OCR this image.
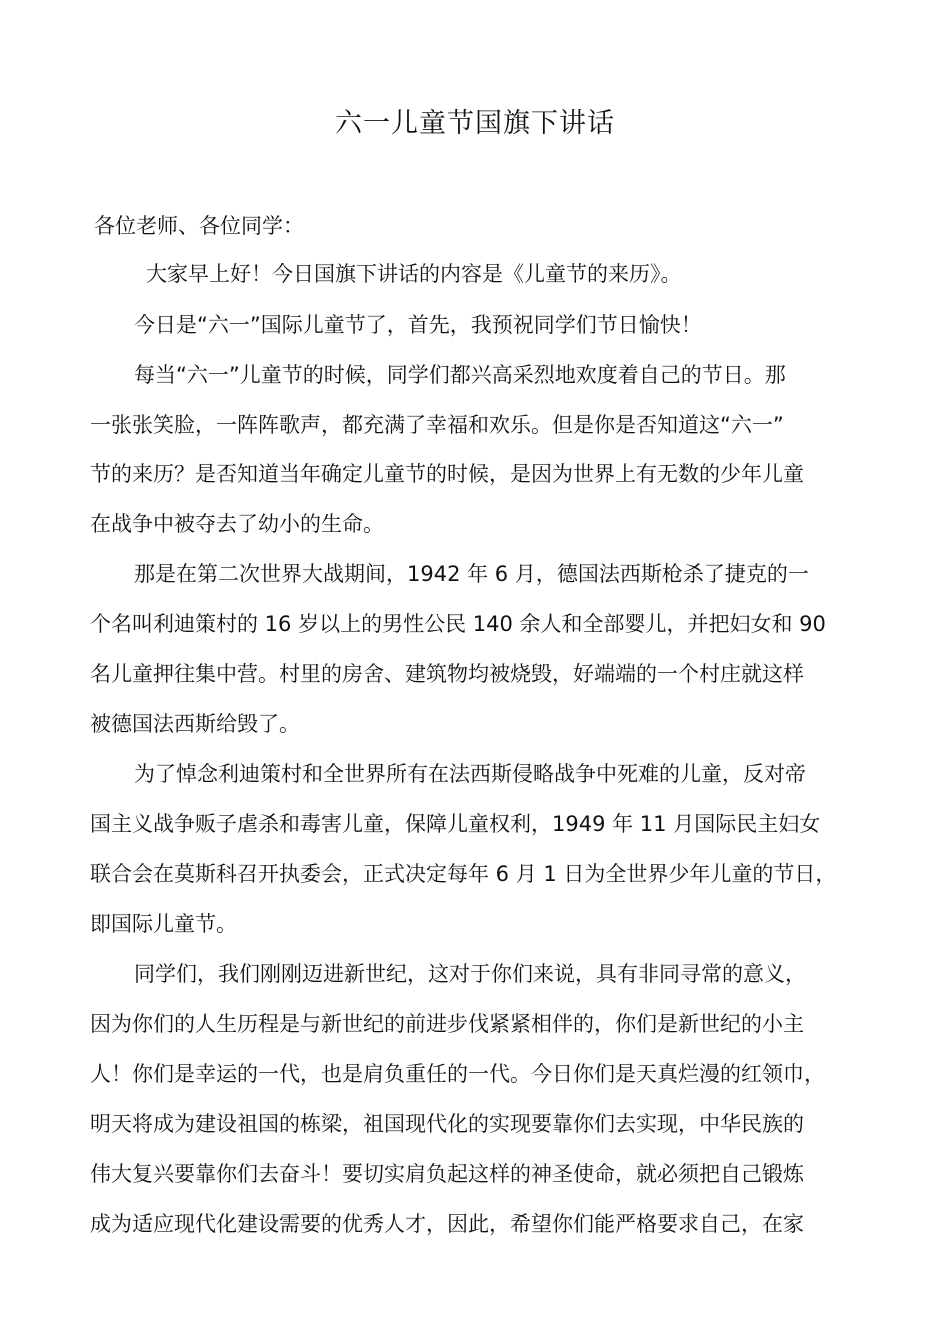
六一儿童节国旗下讲话
各位老师、各位同学：
大家早上好！今日国旗下讲话的内容是《儿童节的来历》。
今日是“六一”国际儿童节了，首先，我预祝同学们节日愉快！
每当“六一”儿童节的时候，同学们都兴高采烈地欢度着自己的节日。那
一张张笑脸，一阵阵歌声，都充满了幸福和欢乐。但是你是否知道这“六一”
节的来历？是否知道当年确定儿童节的时候，是因为世界上有无数的少年儿童
在战争中被夺去了幼小的生命。
那是在第二次世界大战期间，1942 年 6 月，德国法西斯枪杀了捷克的一
个名叫利迪策村的 16 岁以上的男性公民 140 余人和全部婴儿，并把妇女和 90
名儿童押往集中营。村里的房舍、建筑物均被烧毁，好端端的一个村庄就这样
被德国法西斯给毁了。
为了悼念利迪策村和全世界所有在法西斯侵略战争中死难的儿童，反对帝
国主义战争贩子虐杀和毒害儿童，保障儿童权利，1949 年 11 月国际民主妇女
联合会在莫斯科召开执委会，正式决定每年 6 月 1 日为全世界少年儿童的节日，
即国际儿童节。
同学们，我们刚刚迈进新世纪，这对于你们来说，具有非同寻常的意义，
因为你们的人生历程是与新世纪的前进步伐紧紧相伴的，你们是新世纪的小主
人！你们是幸运的一代，也是肩负重任的一代。今日你们是天真烂漫的红领巾，
明天将成为建设祖国的栋梁，祖国现代化的实现要靠你们去实现，中华民族的
伟大复兴要靠你们去奋斗！要切实肩负起这样的神圣使命，就必须把自己锻炼
成为适应现代化建设需要的优秀人才，因此，希望你们能严格要求自己，在家
